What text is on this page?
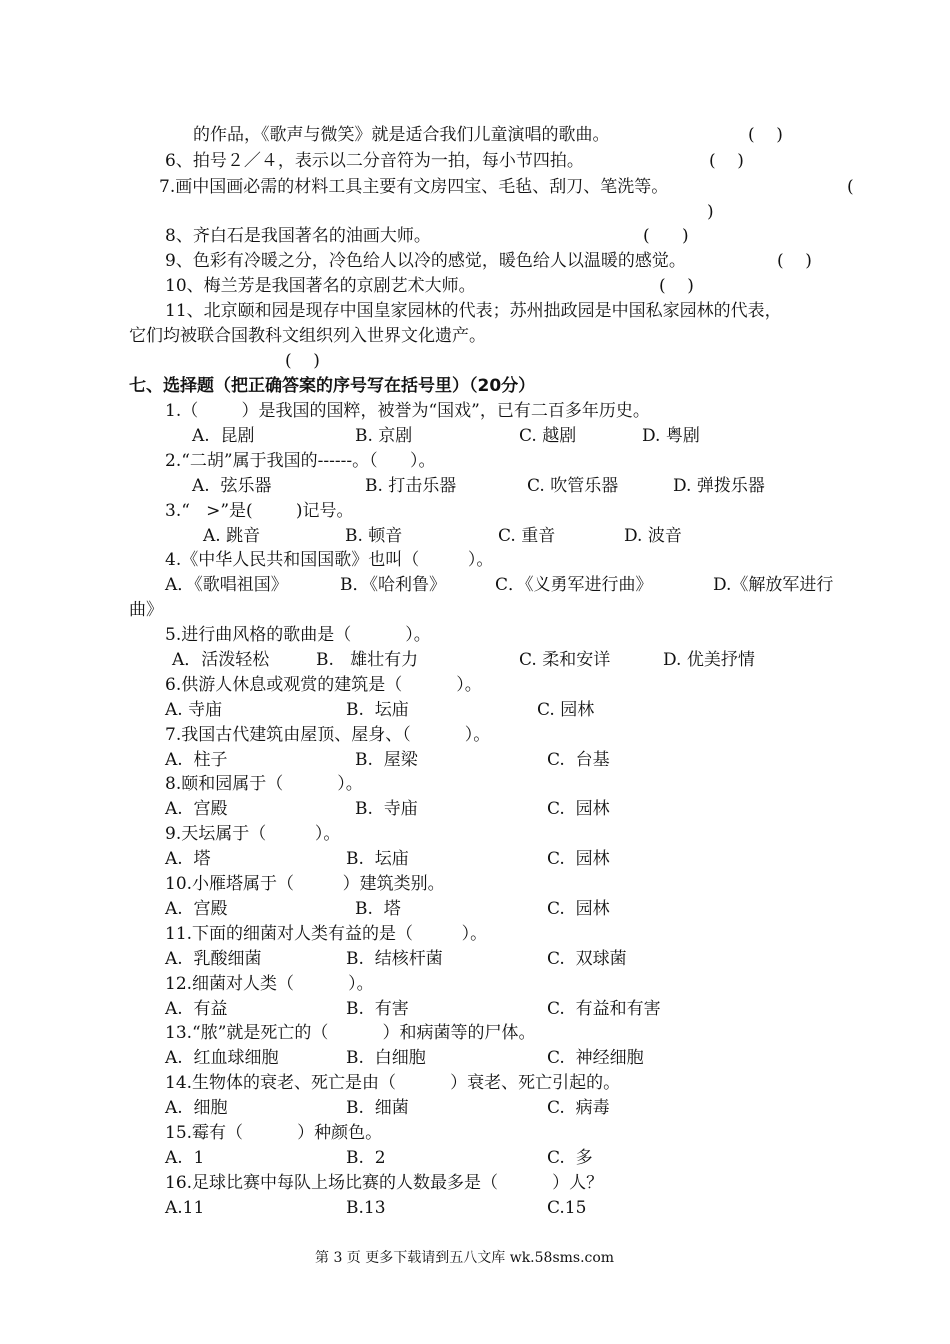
的作品，《歌声与微笑》就是适合我们儿童演唱的歌曲。	(    )
6、拍号２／４，表示以二分音符为一拍，每小节四拍。	(    )
7.画中国画必需的材料工具主要有文房四宝、毛毡、刮刀、笔洗等。	(
)
8、齐白石是我国著名的油画大师。	(      )
9、色彩有冷暖之分，冷色给人以冷的感觉，暖色给人以温暖的感觉。	(    )
10、梅兰芳是我国著名的京剧艺术大师。	(    )
11、北京颐和园是现存中国皇家园林的代表；苏州拙政园是中国私家园林的代表，
它们均被联合国教科文组织列入世界文化遗产。
(    )
七、选择题（把正确答案的序号写在括号里）（20分）
1.（        ）是我国的国粹，被誉为“国戏”，已有二百多年历史。
A.  昆剧	B. 京剧	C. 越剧	D. 粤剧
2.“二胡”属于我国的------。（      ）。
A.  弦乐器	B. 打击乐器	C. 吹管乐器	D. 弹拨乐器
3.“   >”是(        )记号。
A. 跳音	B. 顿音	C. 重音	D. 波音
4.《中华人民共和国国歌》也叫（         ）。
A．《歌唱祖国》	B．《哈利鲁》	C．《义勇军进行曲》	D.《解放军进行
曲》
5.进行曲风格的歌曲是（          ）。
A．活泼轻松	B.   雄壮有力	C. 柔和安详	D. 优美抒情
6.供游人休息或观赏的建筑是（          ）。
A. 寺庙	B.  坛庙	C. 园林
7.我国古代建筑由屋顶、屋身、（          ）。
A.  柱子	B.  屋梁	C.  台基
8.颐和园属于（          ）。
A.  宫殿	B.  寺庙	C.  园林
9.天坛属于（         ）。
A.  塔	B.  坛庙	C.  园林
10.小雁塔属于（         ）建筑类别。
A.  宫殿	B.  塔	C.  园林
11.下面的细菌对人类有益的是（         ）。
A.  乳酸细菌	B.  结核杆菌	C.  双球菌
12.细菌对人类（          ）。
A.  有益	B.  有害	C.  有益和有害
13.“脓”就是死亡的（          ）和病菌等的尸体。
A.  红血球细胞	B.  白细胞	C.  神经细胞
14.生物体的衰老、死亡是由（          ）衰老、死亡引起的。
A.  细胞	B.  细菌	C.  病毒
15.霉有（          ）种颜色。
A.  1	B.  2	C.  多
16.足球比赛中每队上场比赛的人数最多是（          ）人？
A.11	B.13	C.15
第 3 页 更多下载请到五八文库 wk.58sms.com
